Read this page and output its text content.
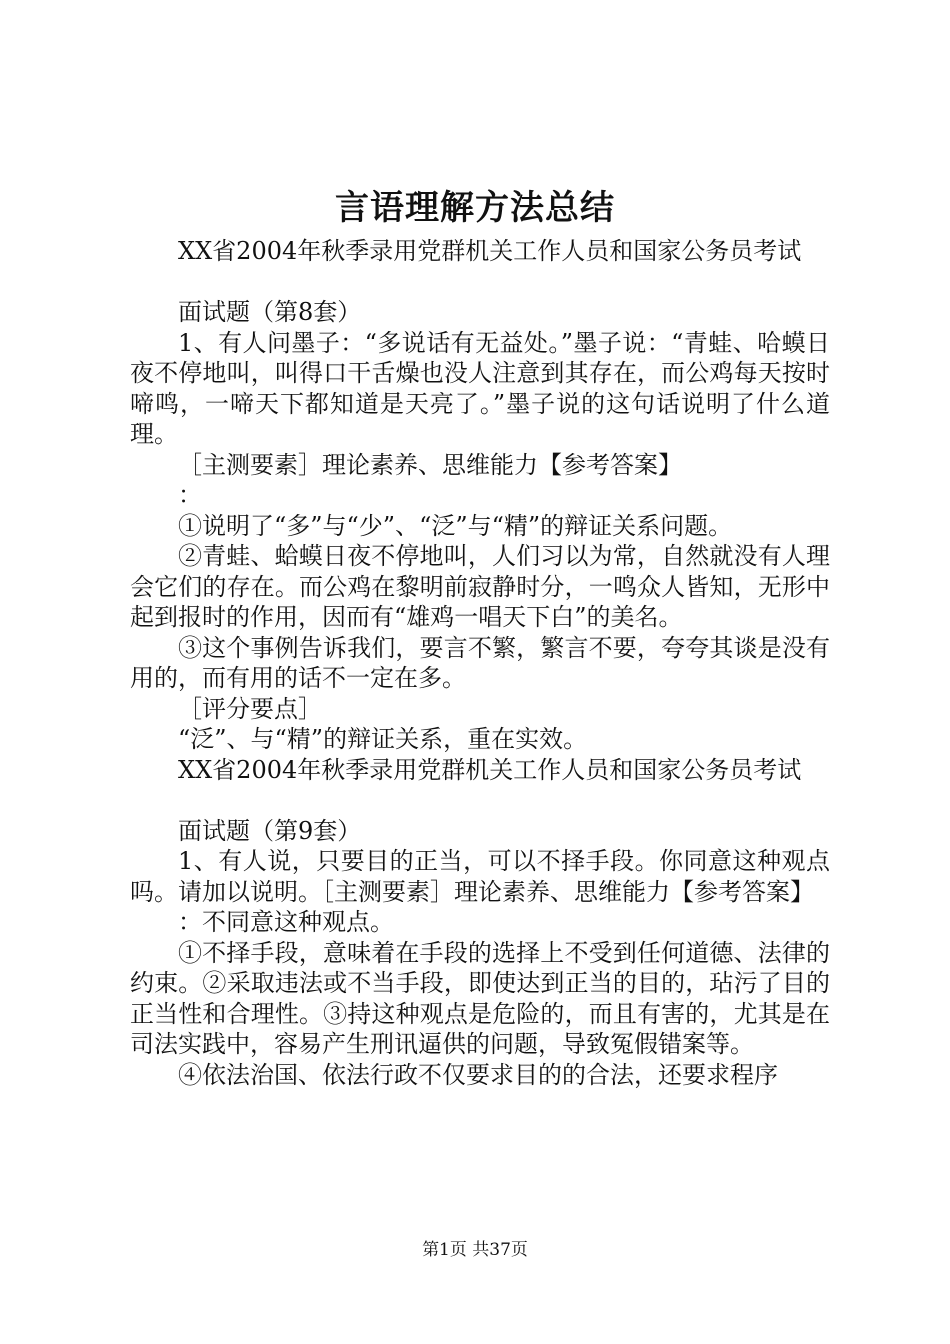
言语理解方法总结

XX省2004年秋季录用党群机关工作人员和国家公务员考试

面试题（第8套）

1、有人问墨子：“多说话有无益处。”墨子说：“青蛙、哈蟆日夜不停地叫，叫得口干舌燥也没人注意到其存在，而公鸡每天按时啼鸣，一啼天下都知道是天亮了。”墨子说的这句话说明了什么道理。

［主测要素］理论素养、思维能力【参考答案】

：

①说明了“多”与“少”、“泛”与“精”的辩证关系问题。

②青蛙、蛤蟆日夜不停地叫，人们习以为常，自然就没有人理会它们的存在。而公鸡在黎明前寂静时分，一鸣众人皆知，无形中起到报时的作用，因而有“雄鸡一唱天下白”的美名。

③这个事例告诉我们，要言不繁，繁言不要，夸夸其谈是没有用的，而有用的话不一定在多。

［评分要点］

“泛”、与“精”的辩证关系，重在实效。

XX省2004年秋季录用党群机关工作人员和国家公务员考试

面试题（第9套）

1、有人说，只要目的正当，可以不择手段。你同意这种观点吗。请加以说明。［主测要素］理论素养、思维能力【参考答案】

：不同意这种观点。

①不择手段，意味着在手段的选择上不受到任何道德、法律的约束。②采取违法或不当手段，即使达到正当的目的，玷污了目的正当性和合理性。③持这种观点是危险的，而且有害的，尤其是在司法实践中，容易产生刑讯逼供的问题，导致冤假错案等。

④依法治国、依法行政不仅要求目的的合法，还要求程序

第1页 共37页
